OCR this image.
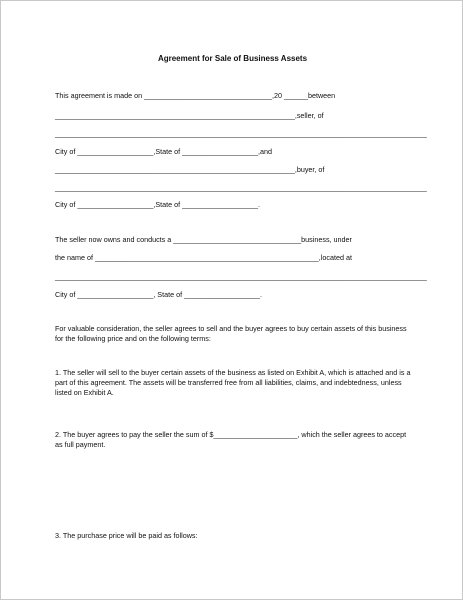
Agreement for Sale of Business Assets
This agreement is made on ________________________________,20 ______between
____________________________________________________________,seller, of
_____________________________________________________________________________________________
City of ___________________,State of ___________________,and
____________________________________________________________,buyer, of
_____________________________________________________________________________________________
City of ___________________,State of ___________________.
The seller now owns and conducts a ________________________________business, under
the name of ________________________________________________________,located at
_____________________________________________________________________________________________
City of ___________________, State of ___________________.

For valuable consideration, the seller agrees to sell and the buyer agrees to buy certain assets of this business for the following price and on the following terms:

1. The seller will sell to the buyer certain assets of the business as listed on Exhibit A, which is attached and is a part of this agreement. The assets will be transferred free from all liabilities, claims, and indebtedness, unless listed on Exhibit A.

2. The buyer agrees to pay the seller the sum of $_____________________, which the seller agrees to accept as full payment.

3. The purchase price will be paid as follows:
